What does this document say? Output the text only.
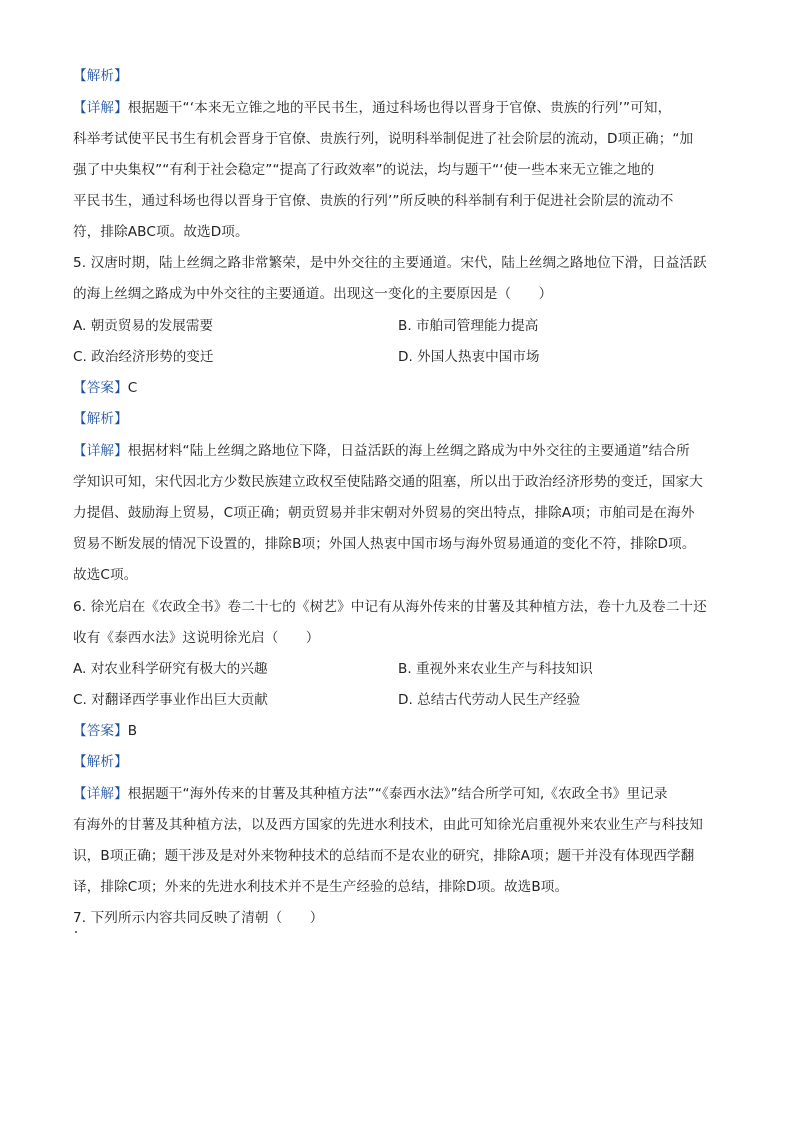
【解析】
【详解】根据题干“‘本来无立锥之地的平民书生，通过科场也得以晋身于官僚、贵族的行列’”可知，
科举考试使平民书生有机会晋身于官僚、贵族行列，说明科举制促进了社会阶层的流动，D项正确；“加
强了中央集权”“有利于社会稳定”“提高了行政效率”的说法，均与题干“‘使一些本来无立锥之地的
平民书生，通过科场也得以晋身于官僚、贵族的行列’”所反映的科举制有利于促进社会阶层的流动不
符，排除ABC项。故选D项。
5. 汉唐时期，陆上丝绸之路非常繁荣，是中外交往的主要通道。宋代，陆上丝绸之路地位下滑，日益活跃
的海上丝绸之路成为中外交往的主要通道。出现这一变化的主要原因是（　　）
A. 朝贡贸易的发展需要	B. 市舶司管理能力提高
C. 政治经济形势的变迁	D. 外国人热衷中国市场
【答案】C
【解析】
【详解】根据材料“陆上丝绸之路地位下降，日益活跃的海上丝绸之路成为中外交往的主要通道”结合所
学知识可知，宋代因北方少数民族建立政权至使陆路交通的阻塞，所以出于政治经济形势的变迁，国家大
力提倡、鼓励海上贸易，C项正确；朝贡贸易并非宋朝对外贸易的突出特点，排除A项；市舶司是在海外
贸易不断发展的情况下设置的，排除B项；外国人热衷中国市场与海外贸易通道的变化不符，排除D项。
故选C项。
6. 徐光启在《农政全书》卷二十七的《树艺》中记有从海外传来的甘薯及其种植方法，卷十九及卷二十还
收有《泰西水法》这说明徐光启（　　）
A. 对农业科学研究有极大的兴趣	B. 重视外来农业生产与科技知识
C. 对翻译西学事业作出巨大贡献	D. 总结古代劳动人民生产经验
【答案】B
【解析】
【详解】根据题干“海外传来的甘薯及其种植方法”“《泰西水法》”结合所学可知,《农政全书》里记录
有海外的甘薯及其种植方法，以及西方国家的先进水利技术，由此可知徐光启重视外来农业生产与科技知
识，B项正确；题干涉及是对外来物种技术的总结而不是农业的研究，排除A项；题干并没有体现西学翻
译，排除C项；外来的先进水利技术并不是生产经验的总结，排除D项。故选B项。
7. 下列所示内容共同反映了清朝（　　）
